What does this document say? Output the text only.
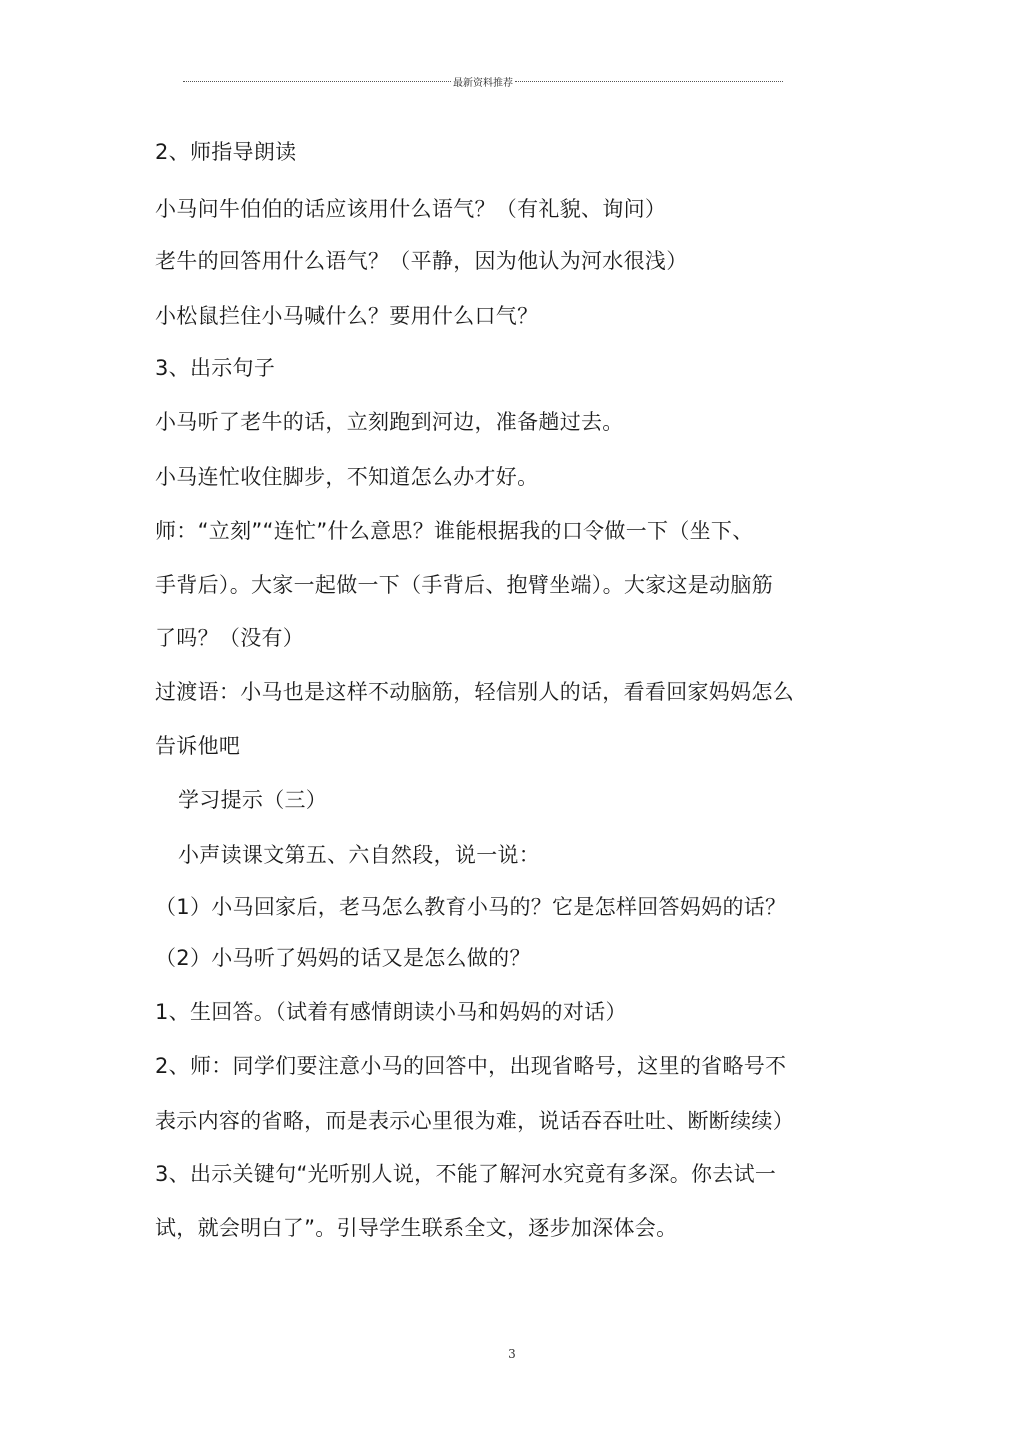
最新资料推荐
2、师指导朗读
小马问牛伯伯的话应该用什么语气？（有礼貌、询问）
老牛的回答用什么语气？（平静，因为他认为河水很浅）
小松鼠拦住小马喊什么？要用什么口气？
3、出示句子
小马听了老牛的话，立刻跑到河边，准备趟过去。
小马连忙收住脚步，不知道怎么办才好。
师：“立刻”“连忙”什么意思？谁能根据我的口令做一下（坐下、
手背后）。大家一起做一下（手背后、抱臂坐端）。大家这是动脑筋
了吗？（没有）
过渡语：小马也是这样不动脑筋，轻信别人的话，看看回家妈妈怎么
告诉他吧
学习提示（三）
小声读课文第五、六自然段，说一说：
（1）小马回家后，老马怎么教育小马的？它是怎样回答妈妈的话？
（2）小马听了妈妈的话又是怎么做的？
1、生回答。（试着有感情朗读小马和妈妈的对话）
2、师：同学们要注意小马的回答中，出现省略号，这里的省略号不
表示内容的省略，而是表示心里很为难，说话吞吞吐吐、断断续续）
3、出示关键句“光听别人说，不能了解河水究竟有多深。你去试一
试，就会明白了”。引导学生联系全文，逐步加深体会。
3
